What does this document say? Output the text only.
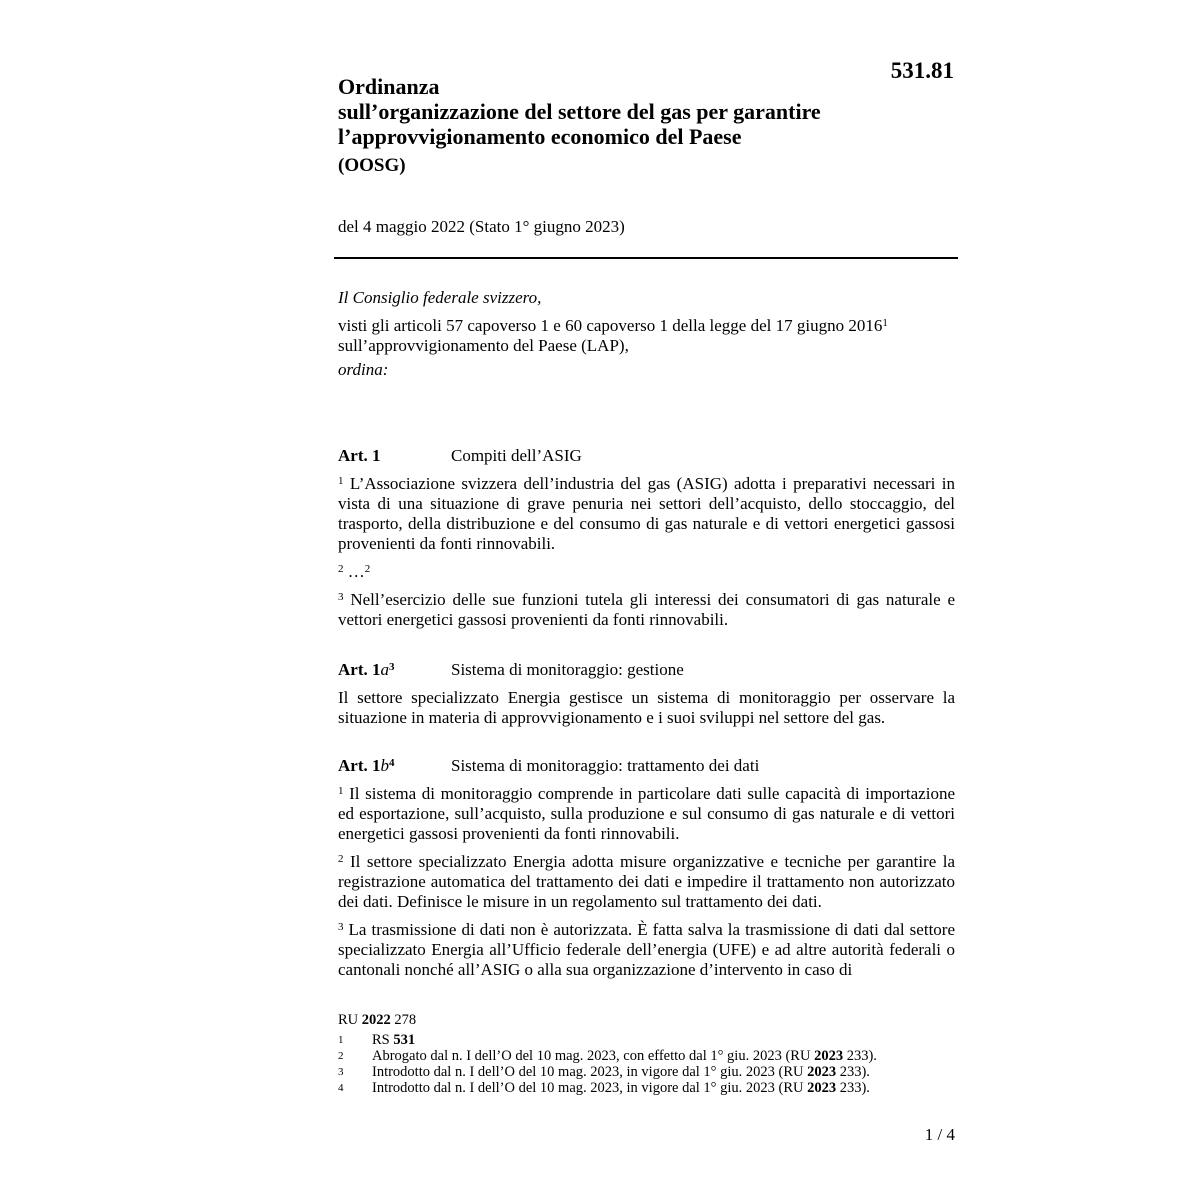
531.81
Ordinanza
sull’organizzazione del settore del gas per garantire
l’approvvigionamento economico del Paese
(OOSG)
del 4 maggio 2022 (Stato 1° giugno 2023)

Il Consiglio federale svizzero,

visti gli articoli 57 capoverso 1 e 60 capoverso 1 della legge del 17 giugno 2016$^1$

sull’approvvigionamento del Paese (LAP),

ordina:

Art. 1	Compiti dell’ASIG

$^1$ L’Associazione svizzera dell’industria del gas (ASIG) adotta i preparativi necessari in vista di una situazione di grave penuria nei settori dell’acquisto, dello stoccaggio, del trasporto, della distribuzione e del consumo di gas naturale e di vettori energetici gassosi provenienti da fonti rinnovabili.

$^2$ …$^2$

$^3$ Nell’esercizio delle sue funzioni tutela gli interessi dei consumatori di gas naturale e vettori energetici gassosi provenienti da fonti rinnovabili.

Art. $1a^3$	Sistema di monitoraggio: gestione

Il settore specializzato Energia gestisce un sistema di monitoraggio per osservare la situazione in materia di approvvigionamento e i suoi sviluppi nel settore del gas.

Art. $1b^4$	Sistema di monitoraggio: trattamento dei dati

$^1$ Il sistema di monitoraggio comprende in particolare dati sulle capacità di importazione ed esportazione, sull’acquisto, sulla produzione e sul consumo di gas naturale e di vettori energetici gassosi provenienti da fonti rinnovabili.

$^2$ Il settore specializzato Energia adotta misure organizzative e tecniche per garantire la registrazione automatica del trattamento dei dati e impedire il trattamento non autorizzato dei dati. Definisce le misure in un regolamento sul trattamento dei dati.

$^3$ La trasmissione di dati non è autorizzata. È fatta salva la trasmissione di dati dal settore specializzato Energia all’Ufficio federale dell’energia (UFE) e ad altre autorità federali o cantonali nonché all’ASIG o alla sua organizzazione d’intervento in caso di

RU 2022 278
1	RS 531
2	Abrogato dal n. I dell’O del 10 mag. 2023, con effetto dal 1° giu. 2023 (RU 2023 233).
3	Introdotto dal n. I dell’O del 10 mag. 2023, in vigore dal 1° giu. 2023 (RU 2023 233).
4	Introdotto dal n. I dell’O del 10 mag. 2023, in vigore dal 1° giu. 2023 (RU 2023 233).
1 / 4
